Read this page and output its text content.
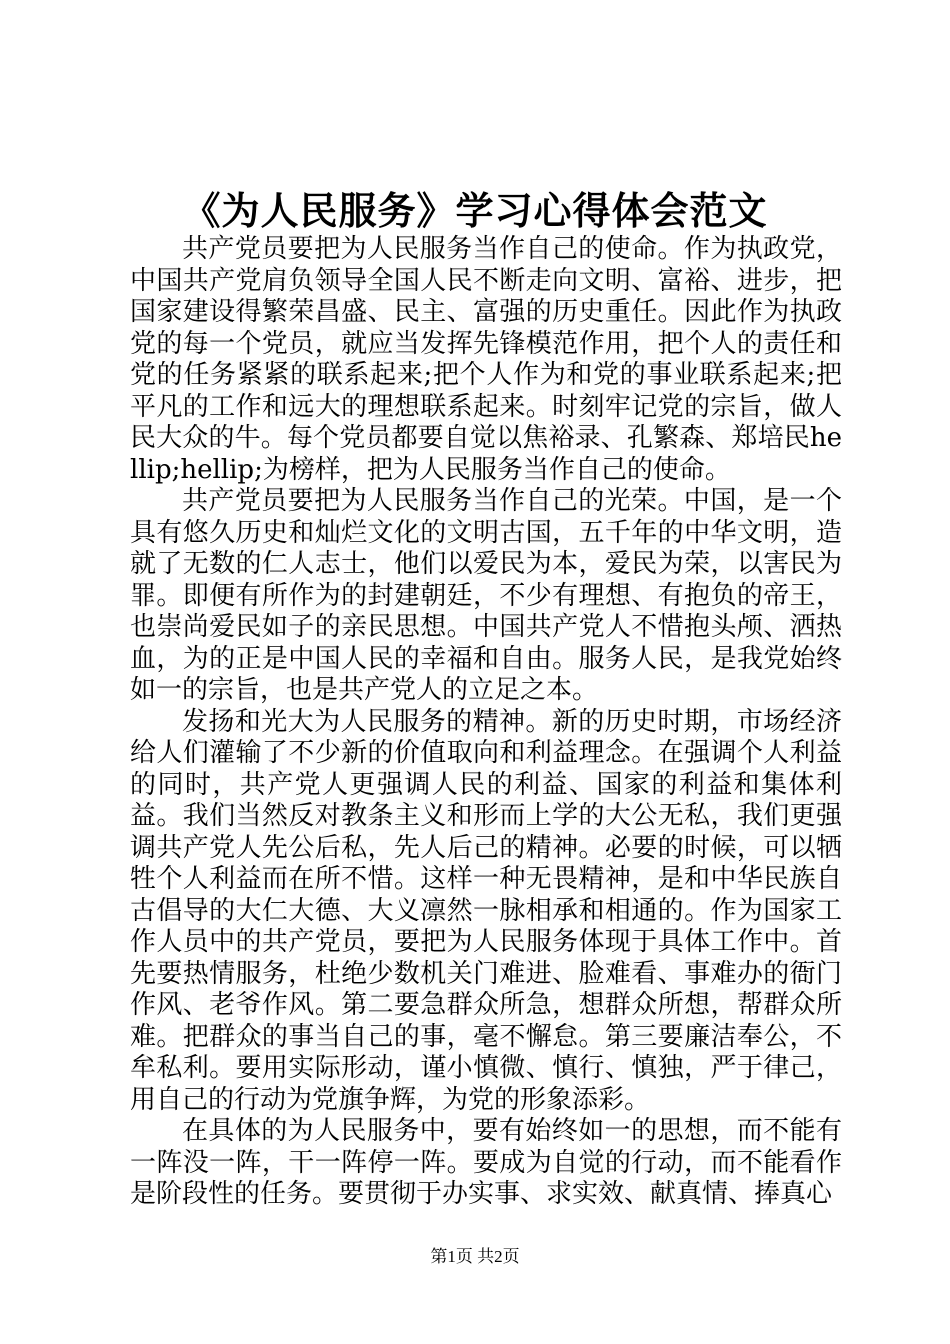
《为人民服务》学习心得体会范文

共产党员要把为人民服务当作自己的使命。作为执政党，中国共产党肩负领导全国人民不断走向文明、富裕、进步，把国家建设得繁荣昌盛、民主、富强的历史重任。因此作为执政党的每一个党员，就应当发挥先锋模范作用，把个人的责任和党的任务紧紧的联系起来;把个人作为和党的事业联系起来;把平凡的工作和远大的理想联系起来。时刻牢记党的宗旨，做人民大众的牛。每个党员都要自觉以焦裕录、孔繁森、郑培民hellip;hellip;为榜样，把为人民服务当作自己的使命。

共产党员要把为人民服务当作自己的光荣。中国，是一个具有悠久历史和灿烂文化的文明古国，五千年的中华文明，造就了无数的仁人志士，他们以爱民为本，爱民为荣，以害民为罪。即便有所作为的封建朝廷，不少有理想、有抱负的帝王，也崇尚爱民如子的亲民思想。中国共产党人不惜抱头颅、洒热血，为的正是中国人民的幸福和自由。服务人民，是我党始终如一的宗旨，也是共产党人的立足之本。

发扬和光大为人民服务的精神。新的历史时期，市场经济给人们灌输了不少新的价值取向和利益理念。在强调个人利益的同时，共产党人更强调人民的利益、国家的利益和集体利益。我们当然反对教条主义和形而上学的大公无私，我们更强调共产党人先公后私，先人后己的精神。必要的时候，可以牺牲个人利益而在所不惜。这样一种无畏精神，是和中华民族自古倡导的大仁大德、大义凛然一脉相承和相通的。作为国家工作人员中的共产党员，要把为人民服务体现于具体工作中。首先要热情服务，杜绝少数机关门难进、脸难看、事难办的衙门作风、老爷作风。第二要急群众所急，想群众所想，帮群众所难。把群众的事当自己的事，毫不懈怠。第三要廉洁奉公，不牟私利。要用实际形动，谨小慎微、慎行、慎独，严于律己，用自己的行动为党旗争辉，为党的形象添彩。

在具体的为人民服务中，要有始终如一的思想，而不能有一阵没一阵，干一阵停一阵。要成为自觉的行动，而不能看作是阶段性的任务。要贯彻于办实事、求实效、献真情、捧真心

第1页 共2页
